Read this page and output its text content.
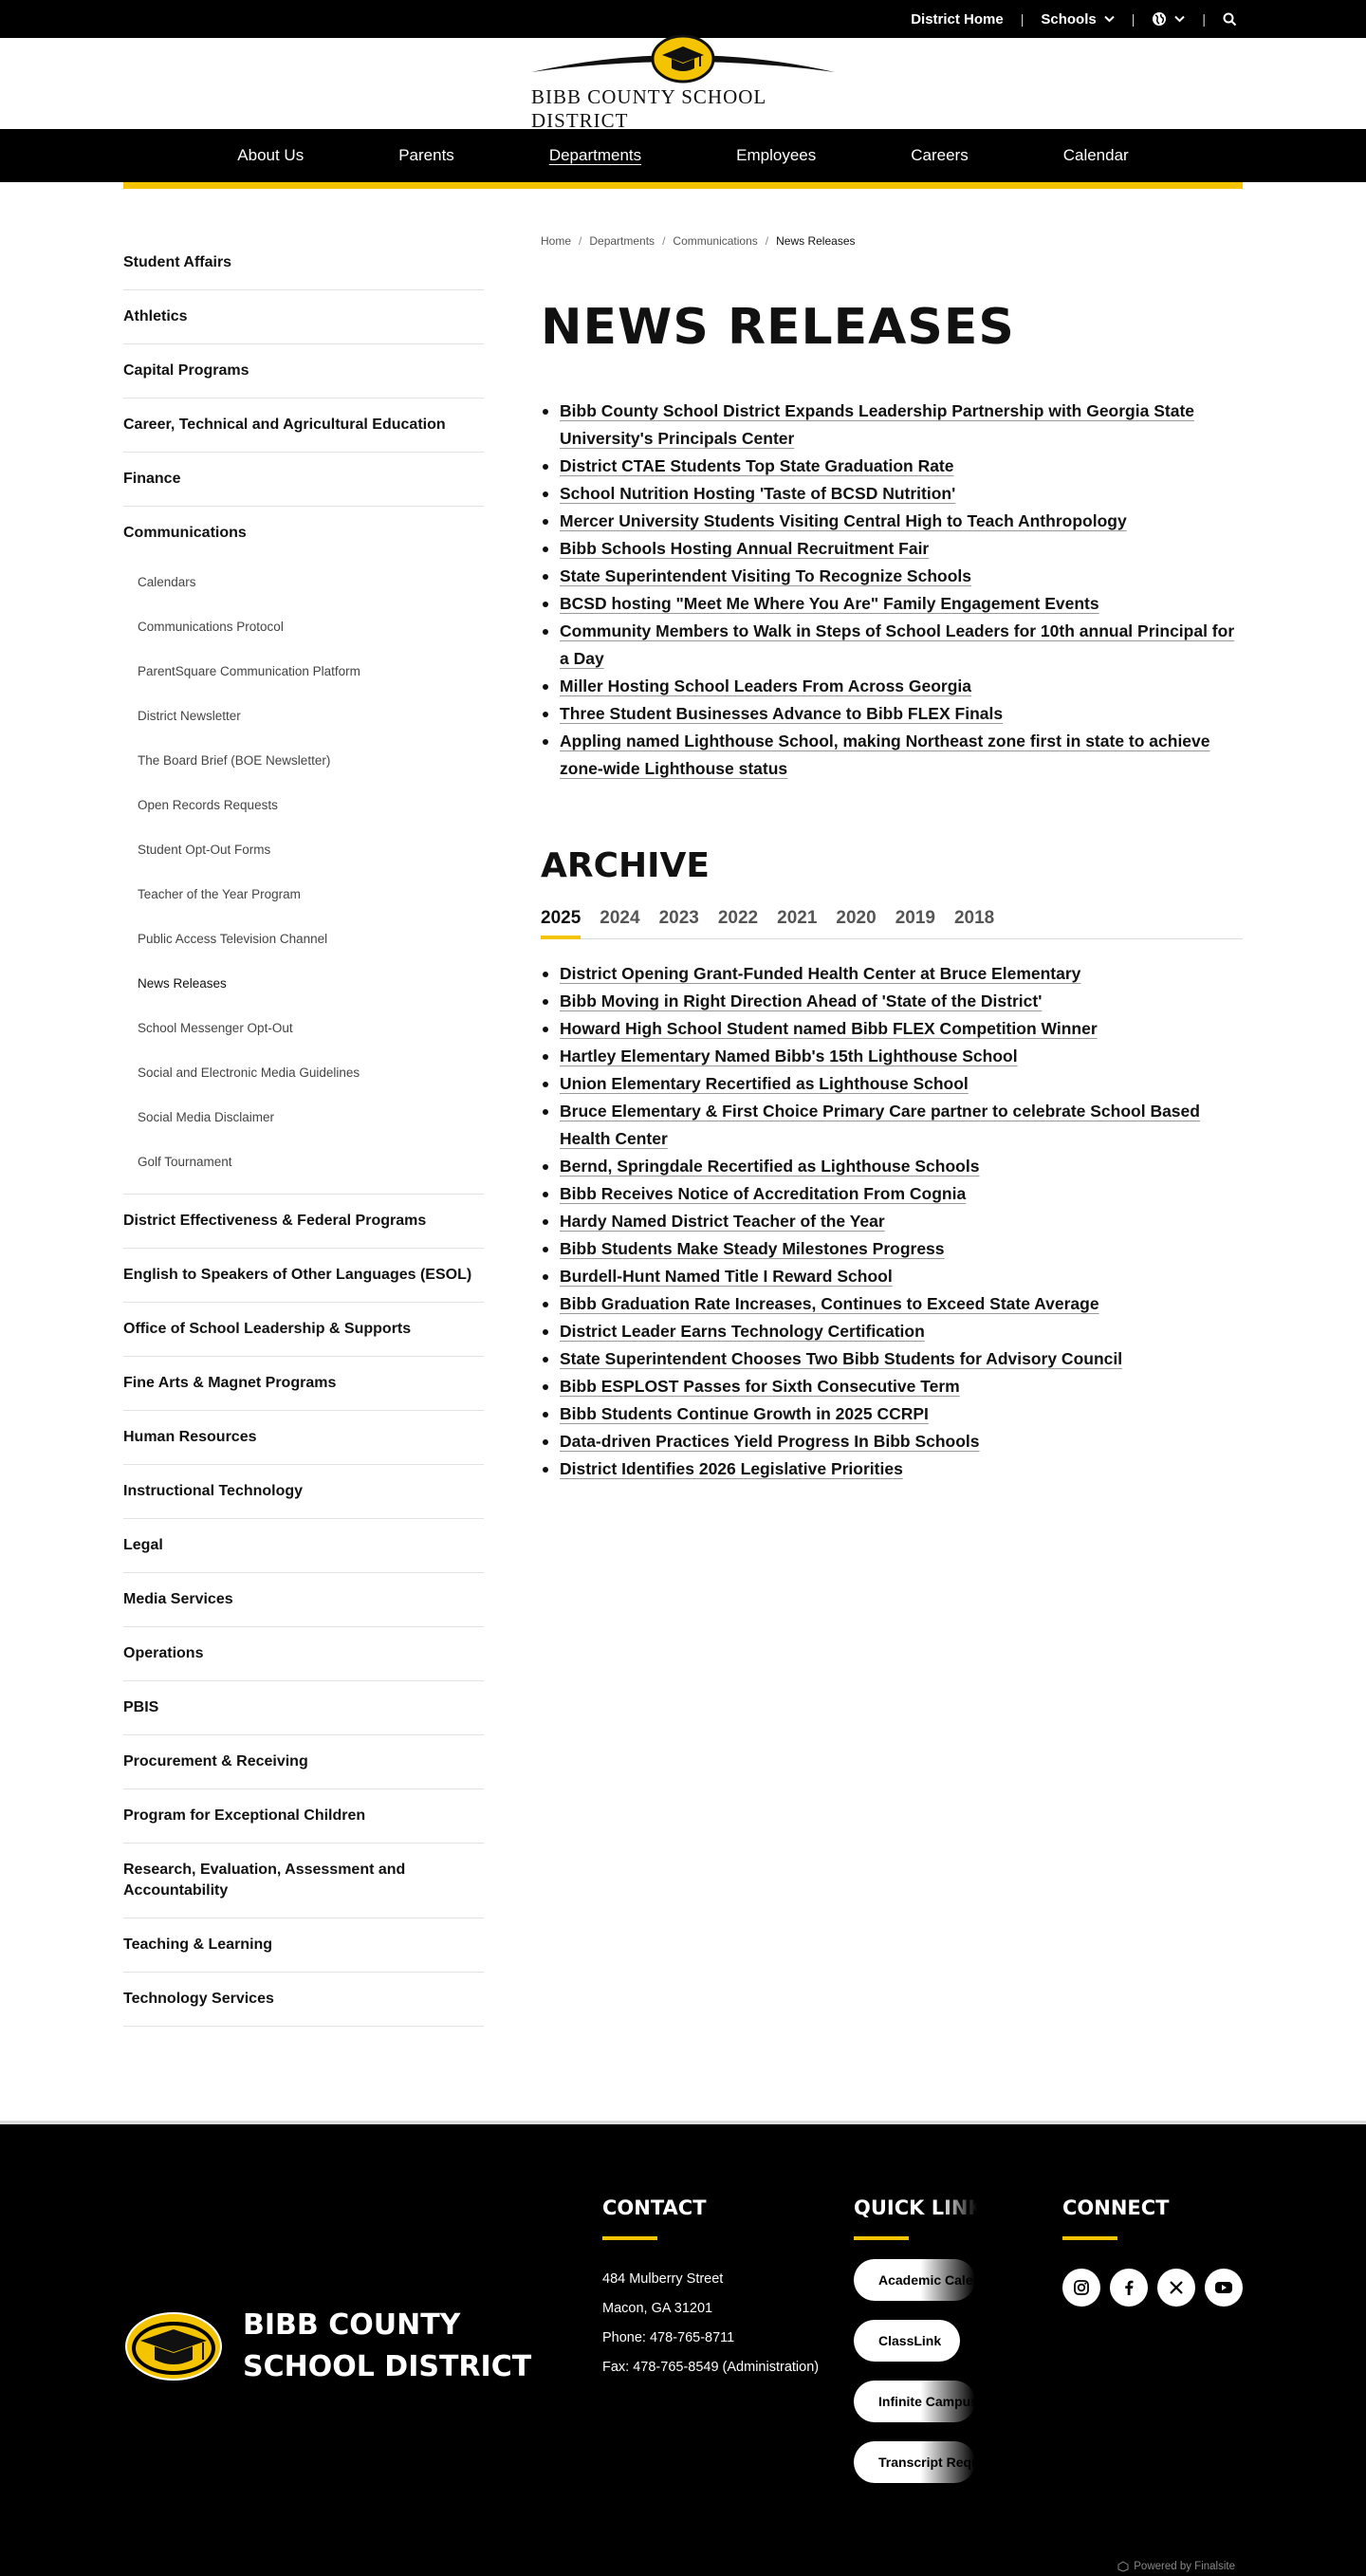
District Home	| Schools	|	|
BIBB COUNTY SCHOOL DISTRICT
About Us	Parents	Departments	Employees	Careers	Calendar
Student Affairs
Athletics
Capital Programs
Career, Technical and Agricultural Education
Finance
Communications
Calendars
Communications Protocol
ParentSquare Communication Platform
District Newsletter
The Board Brief (BOE Newsletter)
Open Records Requests
Student Opt-Out Forms
Teacher of the Year Program
Public Access Television Channel
News Releases
School Messenger Opt-Out
Social and Electronic Media Guidelines
Social Media Disclaimer
Golf Tournament
District Effectiveness & Federal Programs
English to Speakers of Other Languages (ESOL)
Office of School Leadership & Supports
Fine Arts & Magnet Programs
Human Resources
Instructional Technology
Legal
Media Services
Operations
PBIS
Procurement & Receiving
Program for Exceptional Children
Research, Evaluation, Assessment and Accountability
Teaching & Learning
Technology Services
Home / Departments / Communications / News Releases
NEWS RELEASES
Bibb County School District Expands Leadership Partnership with Georgia State University's Principals Center
District CTAE Students Top State Graduation Rate
School Nutrition Hosting 'Taste of BCSD Nutrition'
Mercer University Students Visiting Central High to Teach Anthropology
Bibb Schools Hosting Annual Recruitment Fair
State Superintendent Visiting To Recognize Schools
BCSD hosting "Meet Me Where You Are" Family Engagement Events
Community Members to Walk in Steps of School Leaders for 10th annual Principal for a Day
Miller Hosting School Leaders From Across Georgia
Three Student Businesses Advance to Bibb FLEX Finals
Appling named Lighthouse School, making Northeast zone first in state to achieve zone-wide Lighthouse status
ARCHIVE
2025 2024 2023 2022 2021 2020 2019 2018
District Opening Grant-Funded Health Center at Bruce Elementary
Bibb Moving in Right Direction Ahead of 'State of the District'
Howard High School Student named Bibb FLEX Competition Winner
Hartley Elementary Named Bibb's 15th Lighthouse School
Union Elementary Recertified as Lighthouse School
Bruce Elementary & First Choice Primary Care partner to celebrate School Based Health Center
Bernd, Springdale Recertified as Lighthouse Schools
Bibb Receives Notice of Accreditation From Cognia
Hardy Named District Teacher of the Year
Bibb Students Make Steady Milestones Progress
Burdell-Hunt Named Title I Reward School
Bibb Graduation Rate Increases, Continues to Exceed State Average
District Leader Earns Technology Certification
State Superintendent Chooses Two Bibb Students for Advisory Council
Bibb ESPLOST Passes for Sixth Consecutive Term
Bibb Students Continue Growth in 2025 CCRPI
Data-driven Practices Yield Progress In Bibb Schools
District Identifies 2026 Legislative Priorities
BIBB COUNTY
SCHOOL DISTRICT
CONTACT
484 Mulberry Street
Macon, GA 31201
Phone: 478-765-8711
Fax: 478-765-8549 (Administration)
QUICK LINKS
Academic Calendars
ClassLink
Infinite Campus
Transcript Requests
CONNECT
Powered by Finalsite
